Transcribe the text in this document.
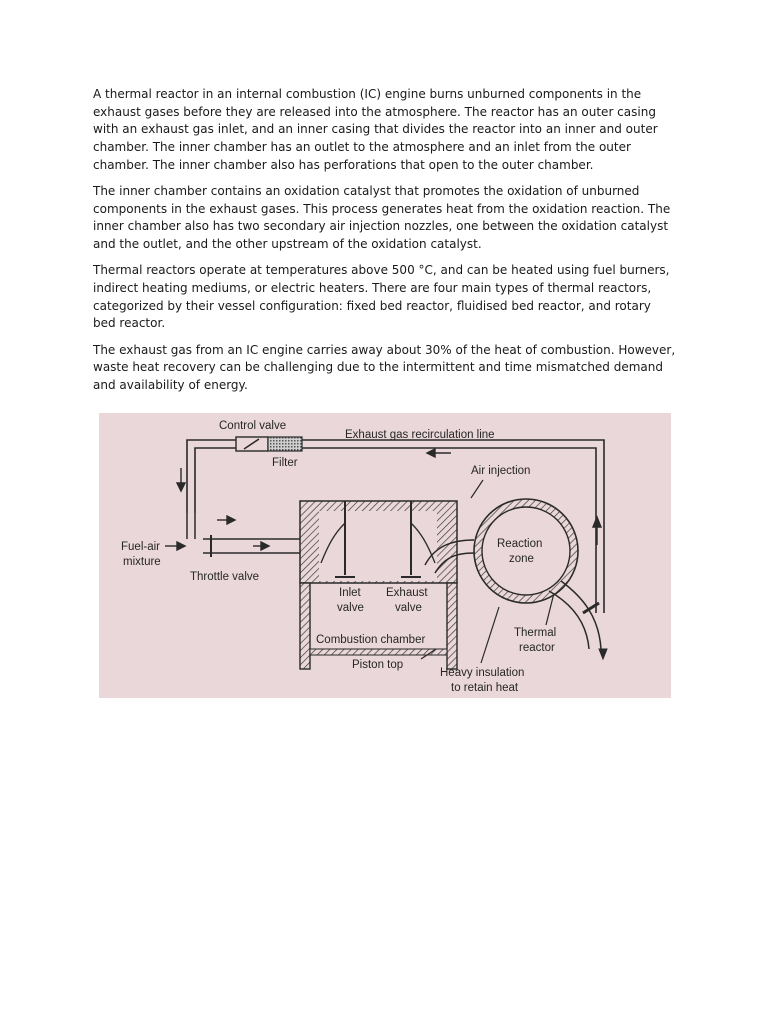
A thermal reactor in an internal combustion (IC) engine burns unburned components in the exhaust gases before they are released into the atmosphere. The reactor has an outer casing with an exhaust gas inlet, and an inner casing that divides the reactor into an inner and outer chamber. The inner chamber has an outlet to the atmosphere and an inlet from the outer chamber. The inner chamber also has perforations that open to the outer chamber.

The inner chamber contains an oxidation catalyst that promotes the oxidation of unburned components in the exhaust gases. This process generates heat from the oxidation reaction. The inner chamber also has two secondary air injection nozzles, one between the oxidation catalyst and the outlet, and the other upstream of the oxidation catalyst.

Thermal reactors operate at temperatures above 500 °C, and can be heated using fuel burners, indirect heating mediums, or electric heaters. There are four main types of thermal reactors, categorized by their vessel configuration: fixed bed reactor, fluidised bed reactor, and rotary bed reactor.

The exhaust gas from an IC engine carries away about 30% of the heat of combustion. However, waste heat recovery can be challenging due to the intermittent and time mismatched demand and availability of energy.

Control valve
Exhaust gas recirculation line
Filter
Air injection
Fuel-air
mixture
Throttle valve
Reaction
zone
Inlet
valve
Exhaust
valve
Combustion chamber
Piston top
Thermal
reactor
Heavy insulation
to retain heat
